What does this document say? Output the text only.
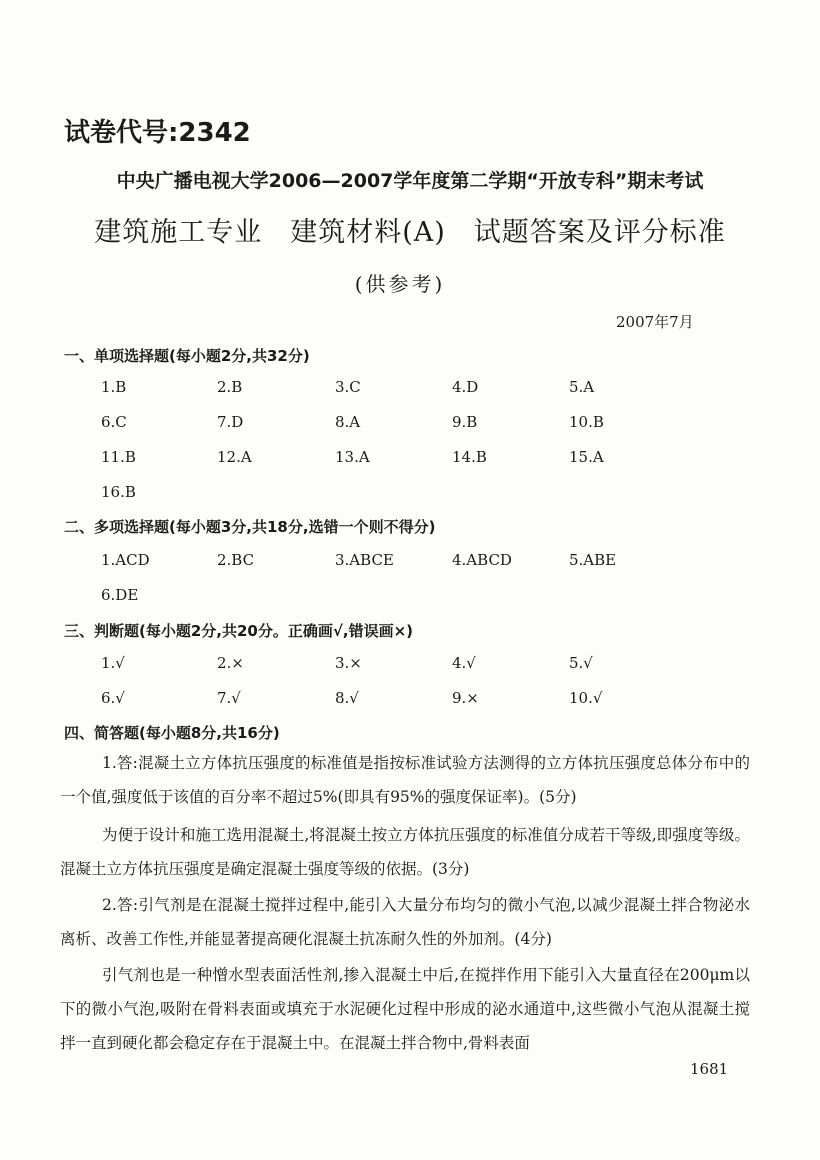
试卷代号:2342
中央广播电视大学2006—2007学年度第二学期“开放专科”期末考试
建筑施工专业　建筑材料(A)　试题答案及评分标准
(供参考)
2007年7月
一、单项选择题(每小题2分,共32分)
1.B	2.B	3.C	4.D	5.A
6.C	7.D	8.A	9.B	10.B
11.B	12.A	13.A	14.B	15.A
16.B
二、多项选择题(每小题3分,共18分,选错一个则不得分)
1.ACD	2.BC	3.ABCE	4.ABCD	5.ABE
6.DE
三、判断题(每小题2分,共20分。正确画√,错误画×)
1.√	2.×	3.×	4.√	5.√
6.√	7.√	8.√	9.×	10.√
四、简答题(每小题8分,共16分)

1.答:混凝土立方体抗压强度的标准值是指按标准试验方法测得的立方体抗压强度总体分布中的一个值,强度低于该值的百分率不超过5%(即具有95%的强度保证率)。(5分)

为便于设计和施工选用混凝土,将混凝土按立方体抗压强度的标准值分成若干等级,即强度等级。混凝土立方体抗压强度是确定混凝土强度等级的依据。(3分)

2.答:引气剂是在混凝土搅拌过程中,能引入大量分布均匀的微小气泡,以减少混凝土拌合物泌水离析、改善工作性,并能显著提高硬化混凝土抗冻耐久性的外加剂。(4分)

引气剂也是一种憎水型表面活性剂,掺入混凝土中后,在搅拌作用下能引入大量直径在200μm以下的微小气泡,吸附在骨料表面或填充于水泥硬化过程中形成的泌水通道中,这些微小气泡从混凝土搅拌一直到硬化都会稳定存在于混凝土中。在混凝土拌合物中,骨料表面

1681
